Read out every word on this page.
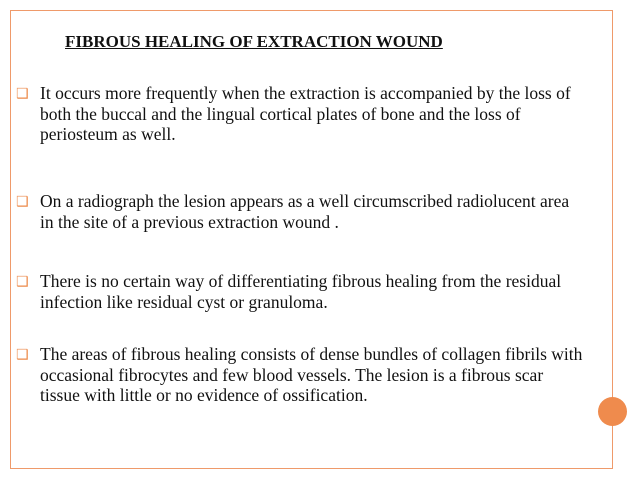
FIBROUS HEALING OF EXTRACTION WOUND
❑ It occurs more frequently when the extraction is accompanied by the loss of both the buccal and the lingual cortical plates of bone and the loss of periosteum as well.
❑ On a radiograph the lesion appears as a well circumscribed radiolucent area in the site of a previous extraction wound .
❑ There is no certain way of differentiating fibrous healing from the residual infection like residual cyst or granuloma.
❑ The areas of fibrous healing consists of dense bundles of collagen fibrils with occasional fibrocytes and few blood vessels. The lesion is a fibrous scar tissue with little or no evidence of ossification.
